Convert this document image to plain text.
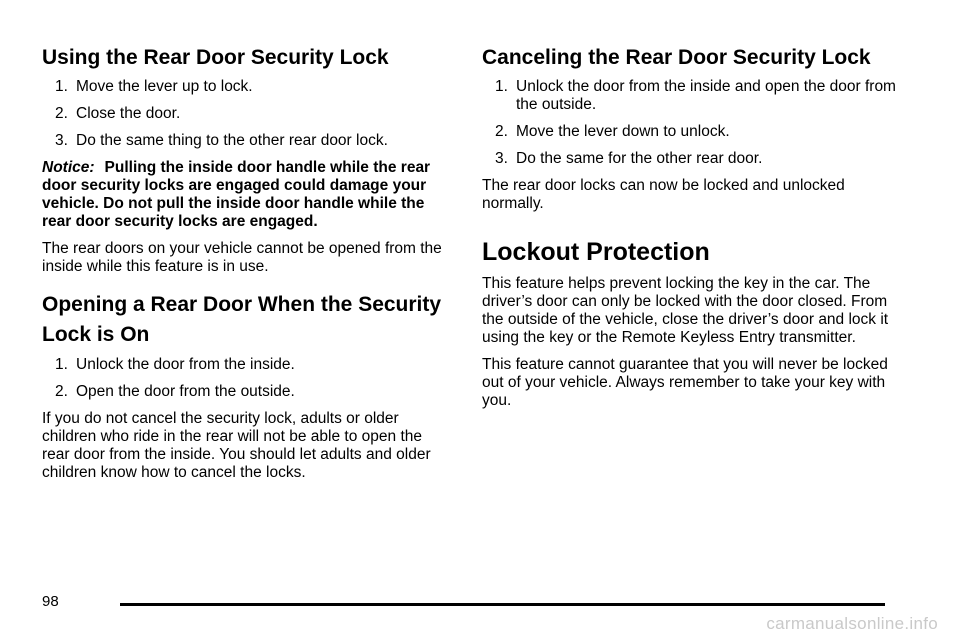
Using the Rear Door Security Lock
1. Move the lever up to lock.
2. Close the door.
3. Do the same thing to the other rear door lock.

Notice: Pulling the inside door handle while the rear door security locks are engaged could damage your vehicle. Do not pull the inside door handle while the rear door security locks are engaged.

The rear doors on your vehicle cannot be opened from the inside while this feature is in use.

Opening a Rear Door When the Security Lock is On
1. Unlock the door from the inside.
2. Open the door from the outside.

If you do not cancel the security lock, adults or older children who ride in the rear will not be able to open the rear door from the inside. You should let adults and older children know how to cancel the locks.

Canceling the Rear Door Security Lock
1. Unlock the door from the inside and open the door from the outside.
2. Move the lever down to unlock.
3. Do the same for the other rear door.

The rear door locks can now be locked and unlocked normally.

Lockout Protection

This feature helps prevent locking the key in the car. The driver’s door can only be locked with the door closed. From the outside of the vehicle, close the driver’s door and lock it using the key or the Remote Keyless Entry transmitter.

This feature cannot guarantee that you will never be locked out of your vehicle. Always remember to take your key with you.

98
carmanualsonline.info
